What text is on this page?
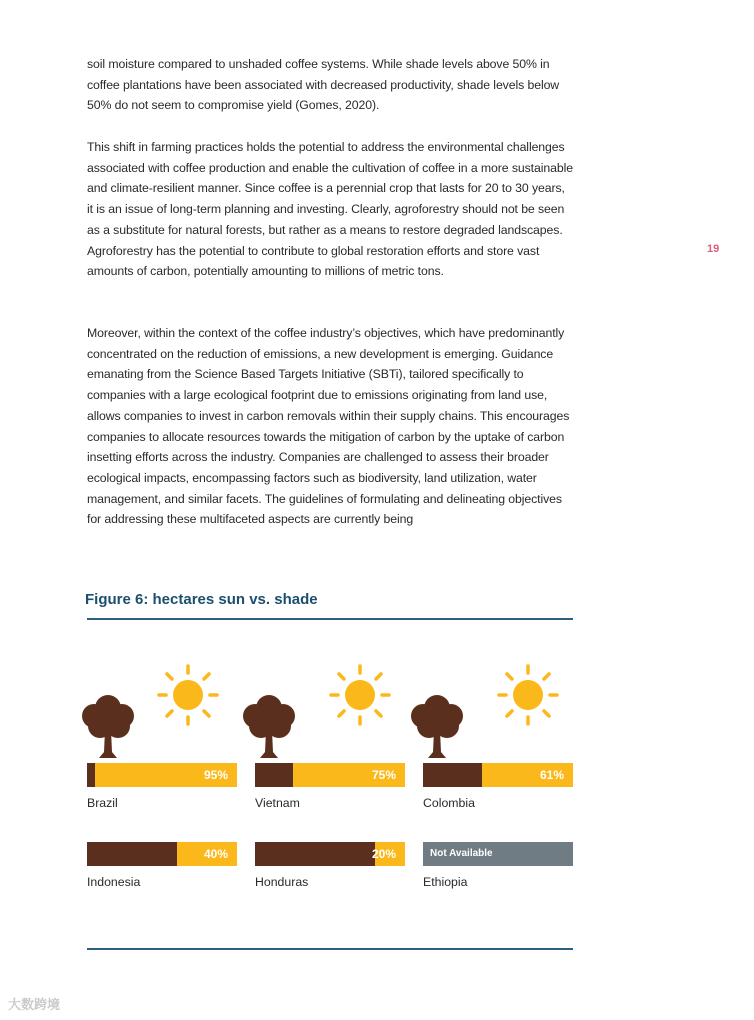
soil moisture compared to unshaded coffee systems. While shade levels above 50% in coffee plantations have been associated with decreased productivity, shade levels below 50% do not seem to compromise yield (Gomes, 2020).

This shift in farming practices holds the potential to address the environmental challenges associated with coffee production and enable the cultivation of coffee in a more sustainable and climate-resilient manner. Since coffee is a perennial crop that lasts for 20 to 30 years, it is an issue of long-term planning and investing. Clearly, agroforestry should not be seen as a substitute for natural forests, but rather as a means to restore degraded landscapes. Agroforestry has the potential to contribute to global restoration efforts and store vast amounts of carbon, potentially amounting to millions of metric tons.

Moreover, within the context of the coffee industry’s objectives, which have predominantly concentrated on the reduction of emissions, a new development is emerging. Guidance emanating from the Science Based Targets Initiative (SBTi), tailored specifically to companies with a large ecological footprint due to emissions originating from land use, allows companies to invest in carbon removals within their supply chains. This encourages companies to allocate resources towards the mitigation of carbon by the uptake of carbon insetting efforts across the industry. Companies are challenged to assess their broader ecological impacts, encompassing factors such as biodiversity, land utilization, water management, and similar facets. The guidelines of formulating and delineating objectives for addressing these multifaceted aspects are currently being

19
Figure 6: hectares sun vs. shade
95%
Brazil
75%
Vietnam
61%
Colombia
40%
Indonesia
20%
Honduras
Not Available
Ethiopia
大数跨境
